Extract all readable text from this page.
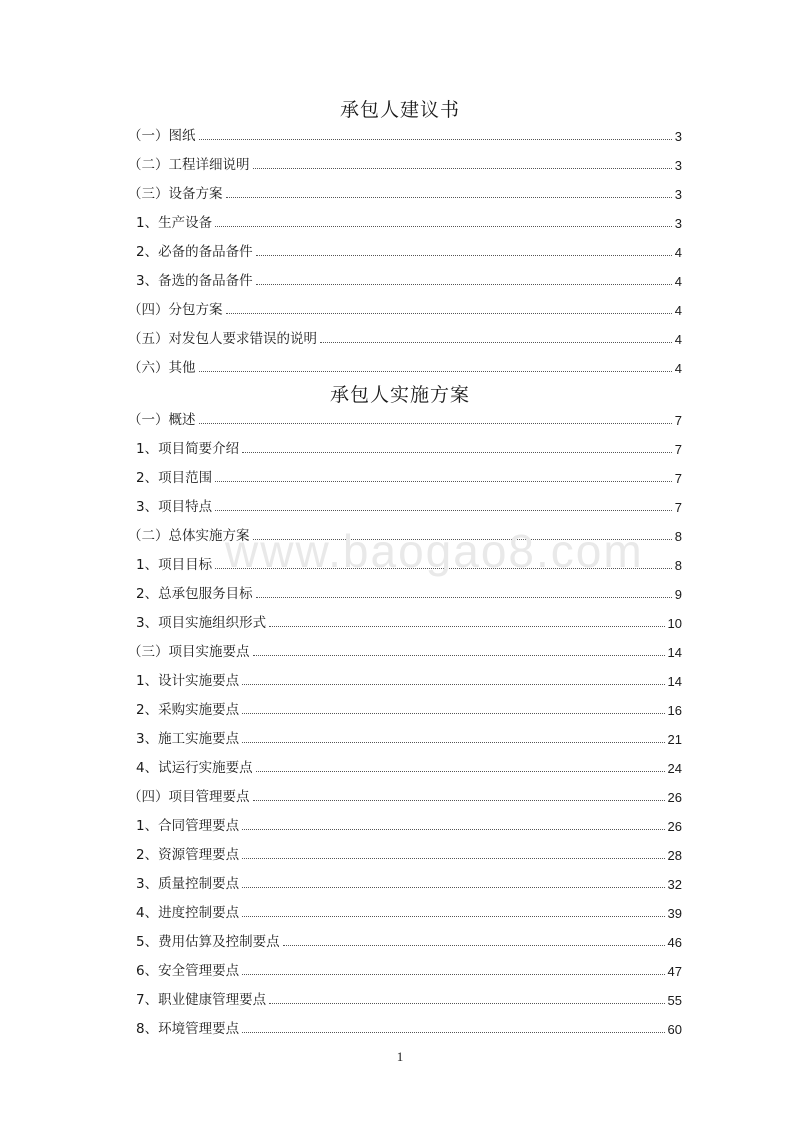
承包人建议书
（一）图纸	3
（二）工程详细说明	3
（三）设备方案	3
1、生产设备	3
2、必备的备品备件	4
3、备选的备品备件	4
（四）分包方案	4
（五）对发包人要求错误的说明	4
（六）其他	4
承包人实施方案
（一）概述	7
1、项目简要介绍	7
2、项目范围	7
3、项目特点	7
（二）总体实施方案	8
1、项目目标	8
2、总承包服务目标	9
3、项目实施组织形式	10
（三）项目实施要点	14
1、设计实施要点	14
2、采购实施要点	16
3、施工实施要点	21
4、试运行实施要点	24
（四）项目管理要点	26
1、合同管理要点	26
2、资源管理要点	28
3、质量控制要点	32
4、进度控制要点	39
5、费用估算及控制要点	46
6、安全管理要点	47
7、职业健康管理要点	55
8、环境管理要点	60
www.baogao8.com
1
